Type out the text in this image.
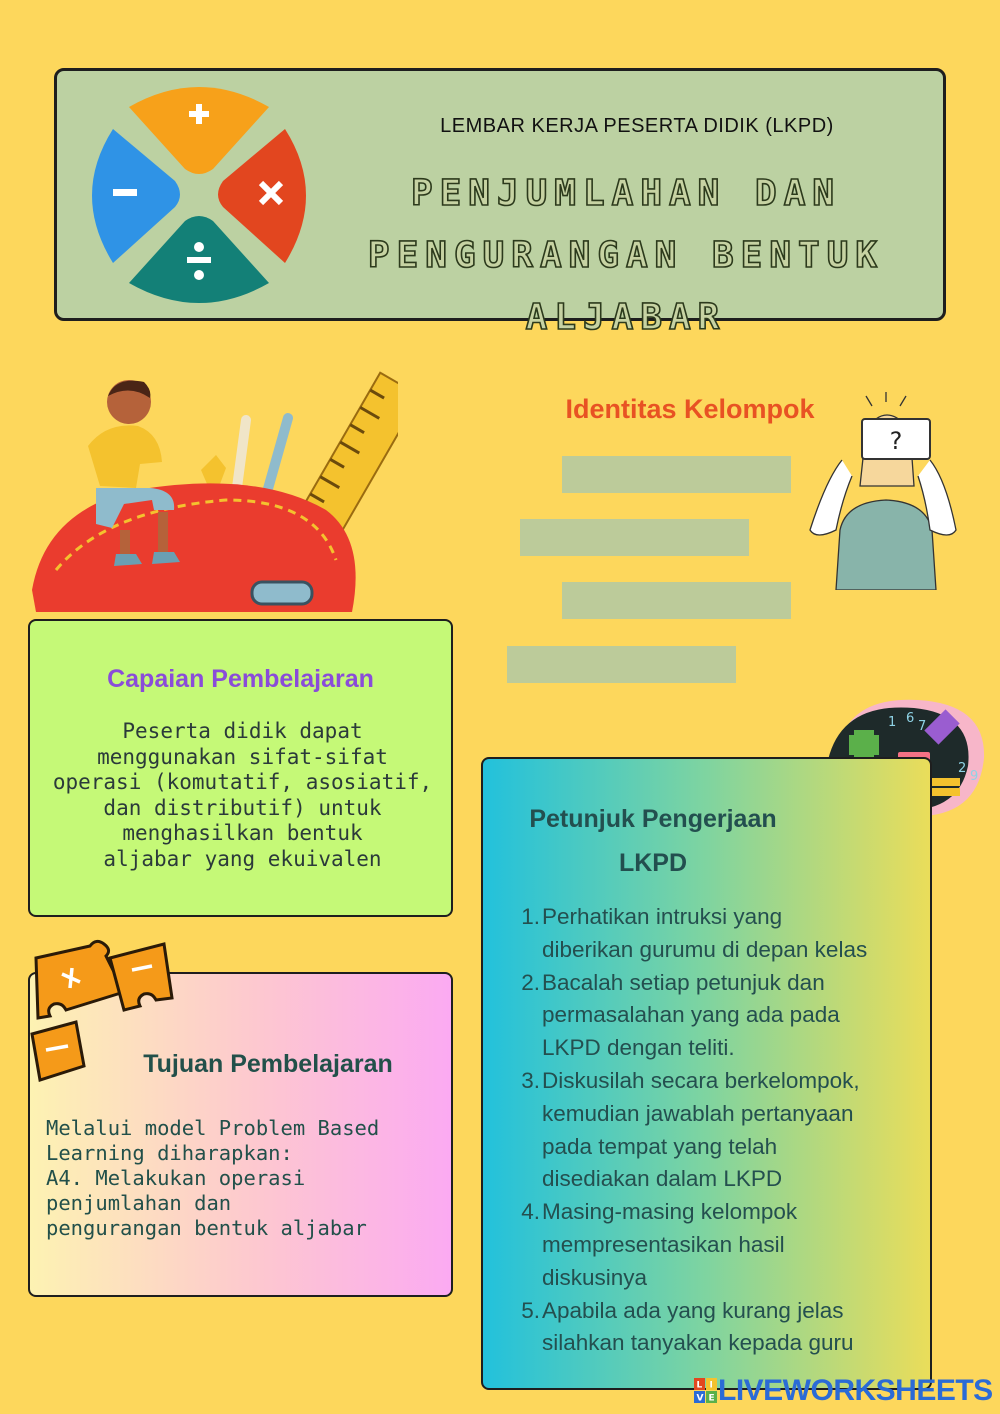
LEMBAR KERJA PESERTA DIDIK (LKPD)
PENJUMLAHAN DAN
PENGURANGAN BENTUK ALJABAR
Identitas Kelompok
?
Capaian Pembelajaran
Peserta didik dapat
menggunakan sifat-sifat
operasi (komutatif, asosiatif,
dan distributif) untuk
menghasilkan bentuk
aljabar yang ekuivalen
Tujuan Pembelajaran
Melalui model Problem Based
Learning diharapkan:
A4. Melakukan operasi
penjumlahan dan
pengurangan bentuk aljabar
1 6
7
2
9
Petunjuk Pengerjaan
LKPD
1. Perhatikan intruksi yang
diberikan gurumu di depan kelas
2. Bacalah setiap petunjuk dan
permasalahan yang ada pada
LKPD dengan teliti.
3. Diskusilah secara berkelompok,
kemudian jawablah pertanyaan
pada tempat yang telah
disediakan dalam LKPD
4. Masing-masing kelompok
mempresentasikan hasil
diskusinya
5. Apabila ada yang kurang jelas
silahkan tanyakan kepada guru
L I
V E LIVEWORKSHEETS
